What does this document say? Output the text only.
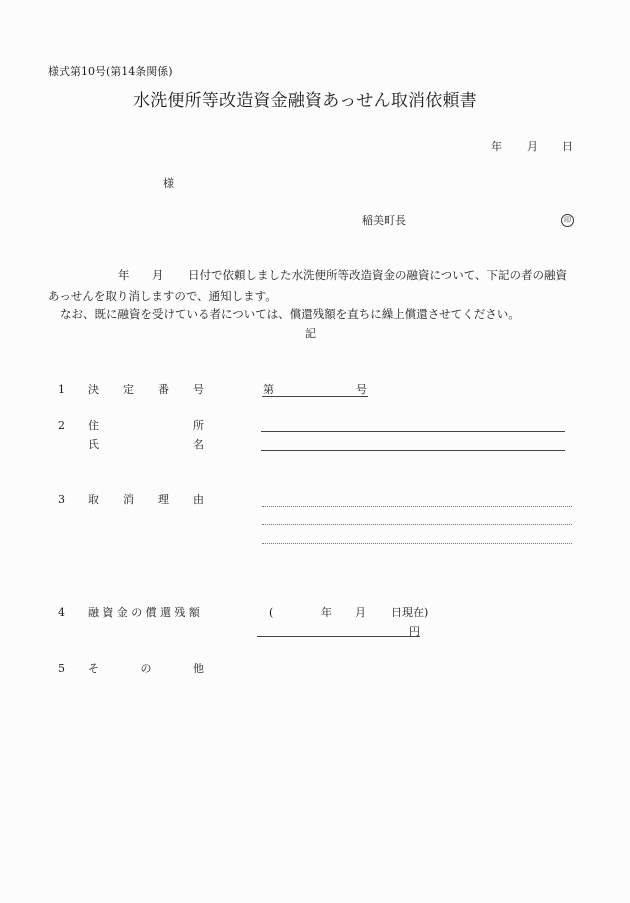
様式第10号(第14条関係)
水洗便所等改造資金融資あっせん取消依頼書
年 月 日
様
稲美町長	印
年 月 日付で依頼しました水洗便所等改造資金の融資について、下記の者の融資
あっせんを取り消しますので、通知します。
なお、既に融資を受けている者については、償還残額を直ちに繰上償還させてください。
記
1 決 定 番 号	第	号
2 住	所
氏	名
3 取 消 理 由
4 融資金の償還残額	(	年 月 日現在)
円
5 そ	の	他
